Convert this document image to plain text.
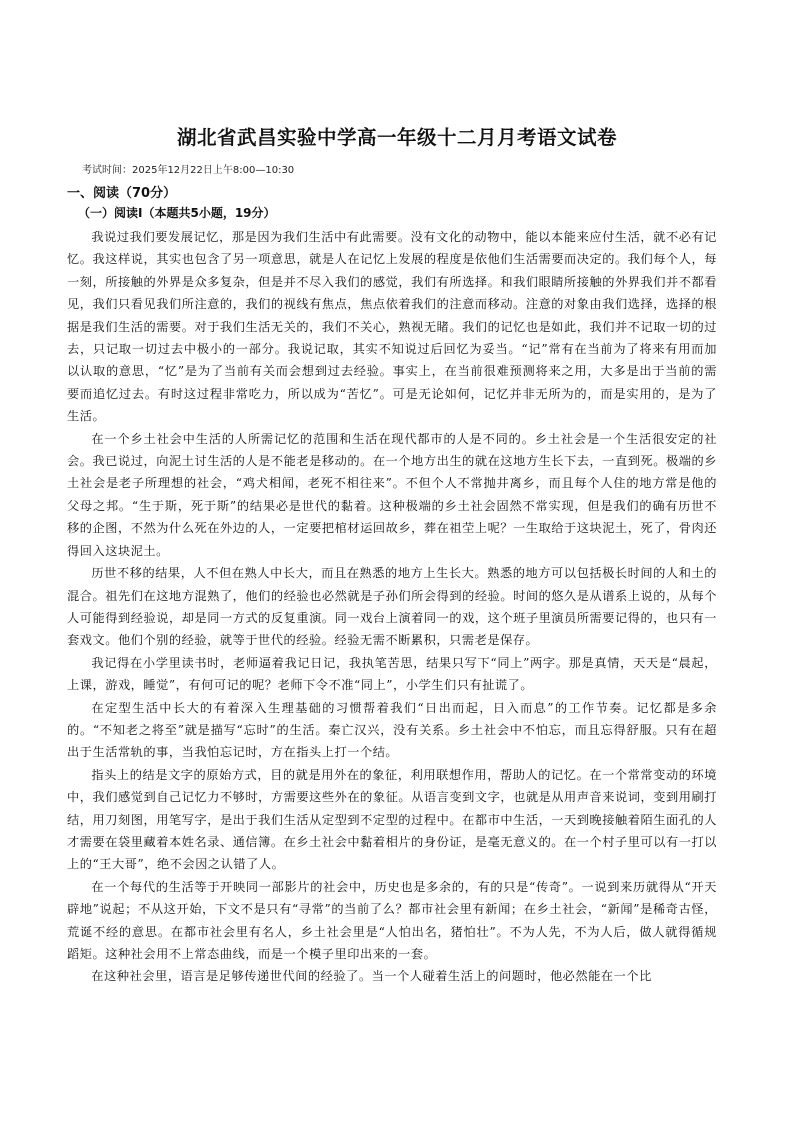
湖北省武昌实验中学高一年级十二月月考语文试卷
考试时间：2025年12月22日上午8:00—10:30
一、阅读（70分）
（一）阅读Ⅰ（本题共5小题，19分）

我说过我们要发展记忆，那是因为我们生活中有此需要。没有文化的动物中，能以本能来应付生活，就不必有记忆。我这样说，其实也包含了另一项意思，就是人在记忆上发展的程度是依他们生活需要而决定的。我们每个人，每一刻，所接触的外界是众多复杂，但是并不尽入我们的感觉，我们有所选择。和我们眼睛所接触的外界我们并不都看见，我们只看见我们所注意的，我们的视线有焦点，焦点依着我们的注意而移动。注意的对象由我们选择，选择的根据是我们生活的需要。对于我们生活无关的，我们不关心，熟视无睹。我们的记忆也是如此，我们并不记取一切的过去，只记取一切过去中极小的一部分。我说记取，其实不知说过后回忆为妥当。“记”常有在当前为了将来有用而加以认取的意思，“忆”是为了当前有关而会想到过去经验。事实上，在当前很难预测将来之用，大多是出于当前的需要而追忆过去。有时这过程非常吃力，所以成为“苦忆”。可是无论如何，记忆并非无所为的，而是实用的，是为了生活。

在一个乡土社会中生活的人所需记忆的范围和生活在现代都市的人是不同的。乡土社会是一个生活很安定的社会。我已说过，向泥土讨生活的人是不能老是移动的。在一个地方出生的就在这地方生长下去，一直到死。极端的乡土社会是老子所理想的社会，“鸡犬相闻，老死不相往来”。不但个人不常抛井离乡，而且每个人住的地方常是他的父母之邦。“生于斯，死于斯”的结果必是世代的黏着。这种极端的乡土社会固然不常实现，但是我们的确有历世不移的企图，不然为什么死在外边的人，一定要把棺材运回故乡，葬在祖茔上呢？一生取给于这块泥土，死了，骨肉还得回入这块泥土。

历世不移的结果，人不但在熟人中长大，而且在熟悉的地方上生长大。熟悉的地方可以包括极长时间的人和土的混合。祖先们在这地方混熟了，他们的经验也必然就是子孙们所会得到的经验。时间的悠久是从谱系上说的，从每个人可能得到经验说，却是同一方式的反复重演。同一戏台上演着同一的戏，这个班子里演员所需要记得的，也只有一套戏文。他们个别的经验，就等于世代的经验。经验无需不断累积，只需老是保存。

我记得在小学里读书时，老师逼着我记日记，我执笔苦思，结果只写下“同上”两字。那是真情，天天是“晨起，上课，游戏，睡觉”，有何可记的呢？老师下令不准“同上”，小学生们只有扯谎了。

在定型生活中长大的有着深入生理基础的习惯帮着我们“日出而起，日入而息”的工作节奏。记忆都是多余的。“不知老之将至”就是描写“忘时”的生活。秦亡汉兴，没有关系。乡土社会中不怕忘，而且忘得舒服。只有在超出于生活常轨的事，当我怕忘记时，方在指头上打一个结。

指头上的结是文字的原始方式，目的就是用外在的象征，利用联想作用，帮助人的记忆。在一个常常变动的环境中，我们感觉到自己记忆力不够时，方需要这些外在的象征。从语言变到文字，也就是从用声音来说词，变到用刷打结，用刀刻图，用笔写字，是出于我们生活从定型到不定型的过程中。在都市中生活，一天到晚接触着陌生面孔的人才需要在袋里藏着本姓名录、通信簿。在乡土社会中黏着相片的身份证，是毫无意义的。在一个村子里可以有一打以上的“王大哥”，绝不会因之认错了人。

在一个每代的生活等于开映同一部影片的社会中，历史也是多余的，有的只是“传奇”。一说到来历就得从“开天辟地”说起；不从这开始，下文不是只有“寻常”的当前了么？都市社会里有新闻；在乡土社会，“新闻”是稀奇古怪，荒诞不经的意思。在都市社会里有名人，乡土社会里是“人怕出名，猪怕壮”。不为人先，不为人后，做人就得循规蹈矩。这种社会用不上常态曲线，而是一个模子里印出来的一套。

在这种社会里，语言是足够传递世代间的经验了。当一个人碰着生活上的问题时，他必然能在一个比
